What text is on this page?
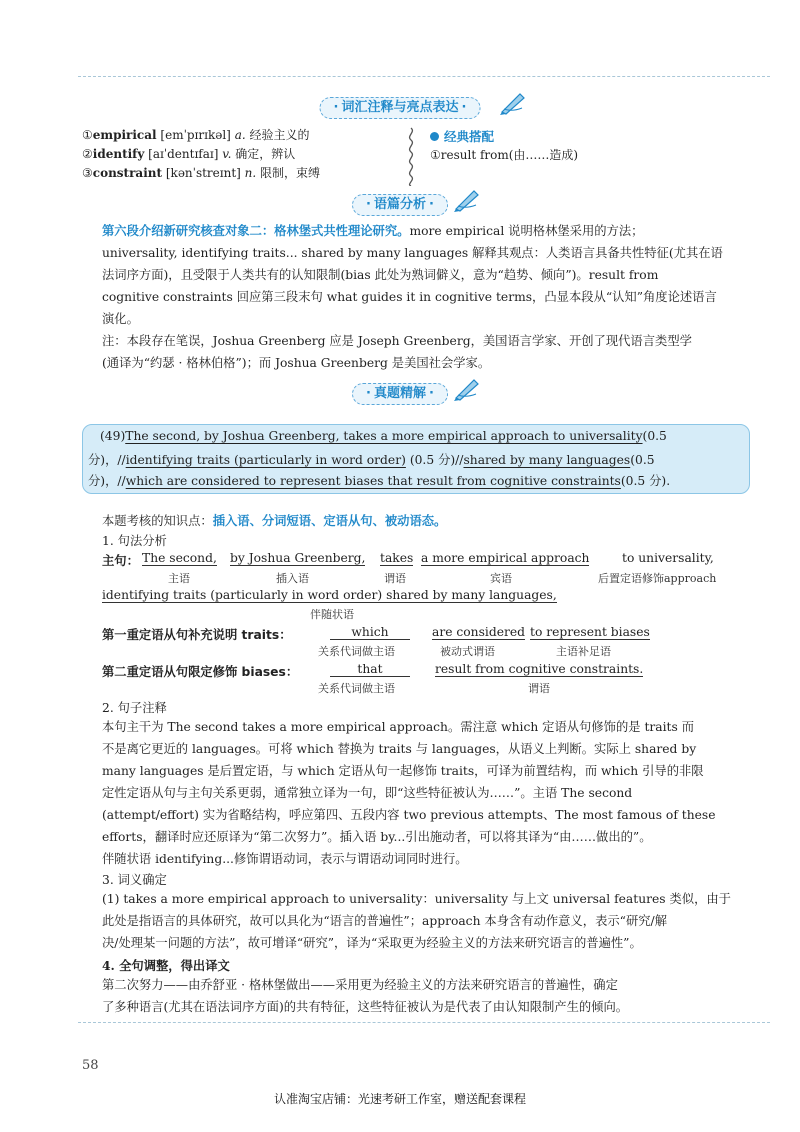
· 词汇注释与亮点表达 ·
①empirical [emˈpɪrɪkəl] a. 经验主义的
②identify [aɪˈdentɪfaɪ] v. 确定，辨认
③constraint [kənˈstreɪnt] n. 限制，束缚
经典搭配
①result from(由……造成)
· 语篇分析 ·
第六段介绍新研究核查对象二：格林堡式共性理论研究。more empirical 说明格林堡采用的方法；
universality, identifying traits... shared by many languages 解释其观点：人类语言具备共性特征(尤其在语
法词序方面)，且受限于人类共有的认知限制(bias 此处为熟词僻义，意为“趋势、倾向”)。result from
cognitive constraints 回应第三段末句 what guides it in cognitive terms，凸显本段从“认知”角度论述语言
演化。
注：本段存在笔误，Joshua Greenberg 应是 Joseph Greenberg，美国语言学家、开创了现代语言类型学
(通译为“约瑟 · 格林伯格”)；而 Joshua Greenberg 是美国社会学家。
· 真题精解 ·
(49)The second, by Joshua Greenberg, takes a more empirical approach to universality(0.5
分)，//identifying traits (particularly in word order) (0.5 分)//shared by many languages(0.5
分)，//which are considered to represent biases that result from cognitive constraints(0.5 分).
本题考核的知识点：插入语、分词短语、定语从句、被动语态。
1. 句法分析
主句： The second,
主语
by Joshua Greenberg,
插入语
takes
谓语
a more empirical approach
宾语
to universality,
后置定语修饰approach
identifying traits (particularly in word order) shared by many languages,
伴随状语
第一重定语从句补充说明 traits：	which
关系代词做主语
are considered
被动式谓语
to represent biases
主语补足语
第二重定语从句限定修饰 biases：	that
关系代词做主语
result from cognitive constraints.
谓语
2. 句子注释
本句主干为 The second takes a more empirical approach。需注意 which 定语从句修饰的是 traits 而
不是离它更近的 languages。可将 which 替换为 traits 与 languages，从语义上判断。实际上 shared by
many languages 是后置定语，与 which 定语从句一起修饰 traits，可译为前置结构，而 which 引导的非限
定性定语从句与主句关系更弱，通常独立译为一句，即“这些特征被认为……”。主语 The second
(attempt/effort) 实为省略结构，呼应第四、五段内容 two previous attempts、The most famous of these
efforts，翻译时应还原译为“第二次努力”。插入语 by...引出施动者，可以将其译为“由……做出的”。
伴随状语 identifying...修饰谓语动词，表示与谓语动词同时进行。
3. 词义确定
(1) takes a more empirical approach to universality：universality 与上文 universal features 类似，由于
此处是指语言的具体研究，故可以具化为“语言的普遍性”；approach 本身含有动作意义，表示“研究/解
决/处理某一问题的方法”，故可增译“研究”，译为“采取更为经验主义的方法来研究语言的普遍性”。
4. 全句调整，得出译文
第二次努力——由乔舒亚 · 格林堡做出——采用更为经验主义的方法来研究语言的普遍性，确定
了多种语言(尤其在语法词序方面)的共有特征，这些特征被认为是代表了由认知限制产生的倾向。
58
认准淘宝店铺：光速考研工作室，赠送配套课程
